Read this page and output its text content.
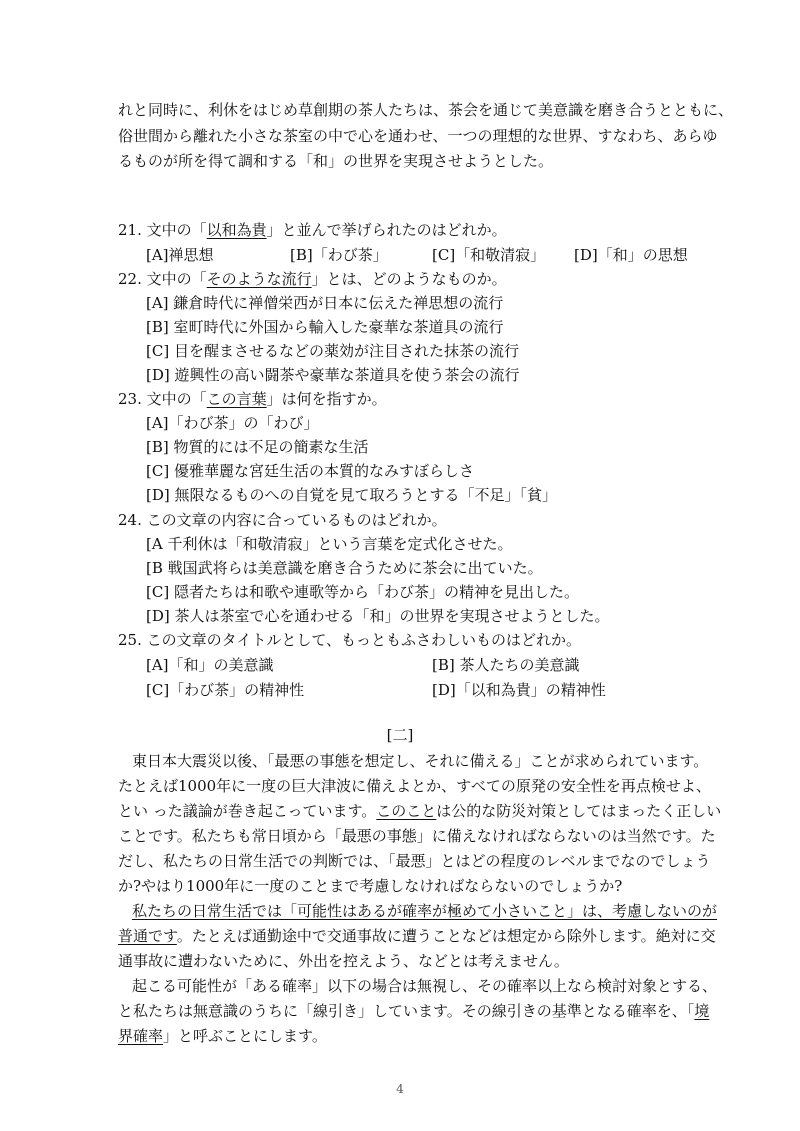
れと同時に、利休をはじめ草創期の茶人たちは、茶会を通じて美意識を磨き合うとともに、
俗世間から離れた小さな茶室の中で心を通わせ、一つの理想的な世界、すなわち、あらゆ
るものが所を得て調和する「和」の世界を実現させようとした。
21. 文中の「以和為貴」と並んで挙げられたのはどれか。
[A]禅思想	[B]「わび茶」	[C]「和敬清寂」 [D]「和」の思想
22. 文中の「そのような流行」とは、どのようなものか。
[A] 鎌倉時代に禅僧栄西が日本に伝えた禅思想の流行
[B] 室町時代に外国から輸入した豪華な茶道具の流行
[C] 目を醒まさせるなどの薬効が注目された抹茶の流行
[D] 遊興性の高い闘茶や豪華な茶道具を使う茶会の流行
23. 文中の「この言葉」は何を指すか。
[A]「わび茶」の「わび」
[B] 物質的には不足の簡素な生活
[C] 優雅華麗な宮廷生活の本質的なみすぼらしさ
[D] 無限なるものへの自覚を見て取ろうとする「不足」「貧」
24. この文章の内容に合っているものはどれか。
[A 千利休は「和敬清寂」という言葉を定式化させた。
[B 戦国武将らは美意識を磨き合うために茶会に出ていた。
[C] 隠者たちは和歌や連歌等から「わび茶」の精神を見出した。
[D] 茶人は茶室で心を通わせる「和」の世界を実現させようとした。
25. この文章のタイトルとして、もっともふさわしいものはどれか。
[A]「和」の美意識	[B] 茶人たちの美意識
[C]「わび茶」の精神性	[D]「以和為貴」の精神性
[二]
東日本大震災以後、「最悪の事態を想定し、それに備える」ことが求められています。
たとえば1000年に一度の巨大津波に備えよとか、すべての原発の安全性を再点検せよ、
とい った議論が巻き起こっています。このことは公的な防災対策としてはまったく正しい
ことです。私たちも常日頃から「最悪の事態」に備えなければならないのは当然です。た
だし、私たちの日常生活での判断では、「最悪」とはどの程度のレベルまでなのでしょう
か?やはり1000年に一度のことまで考慮しなければならないのでしょうか?
私たちの日常生活では「可能性はあるが確率が極めて小さいこと」は、考慮しないのが
普通です。たとえば通勤途中で交通事故に遭うことなどは想定から除外します。絶対に交
通事故に遭わないために、外出を控えよう、などとは考えません。
起こる可能性が「ある確率」以下の場合は無視し、その確率以上なら検討対象とする、
と私たちは無意識のうちに「線引き」しています。その線引きの基準となる確率を、「境
界確率」と呼ぶことにします。
4
